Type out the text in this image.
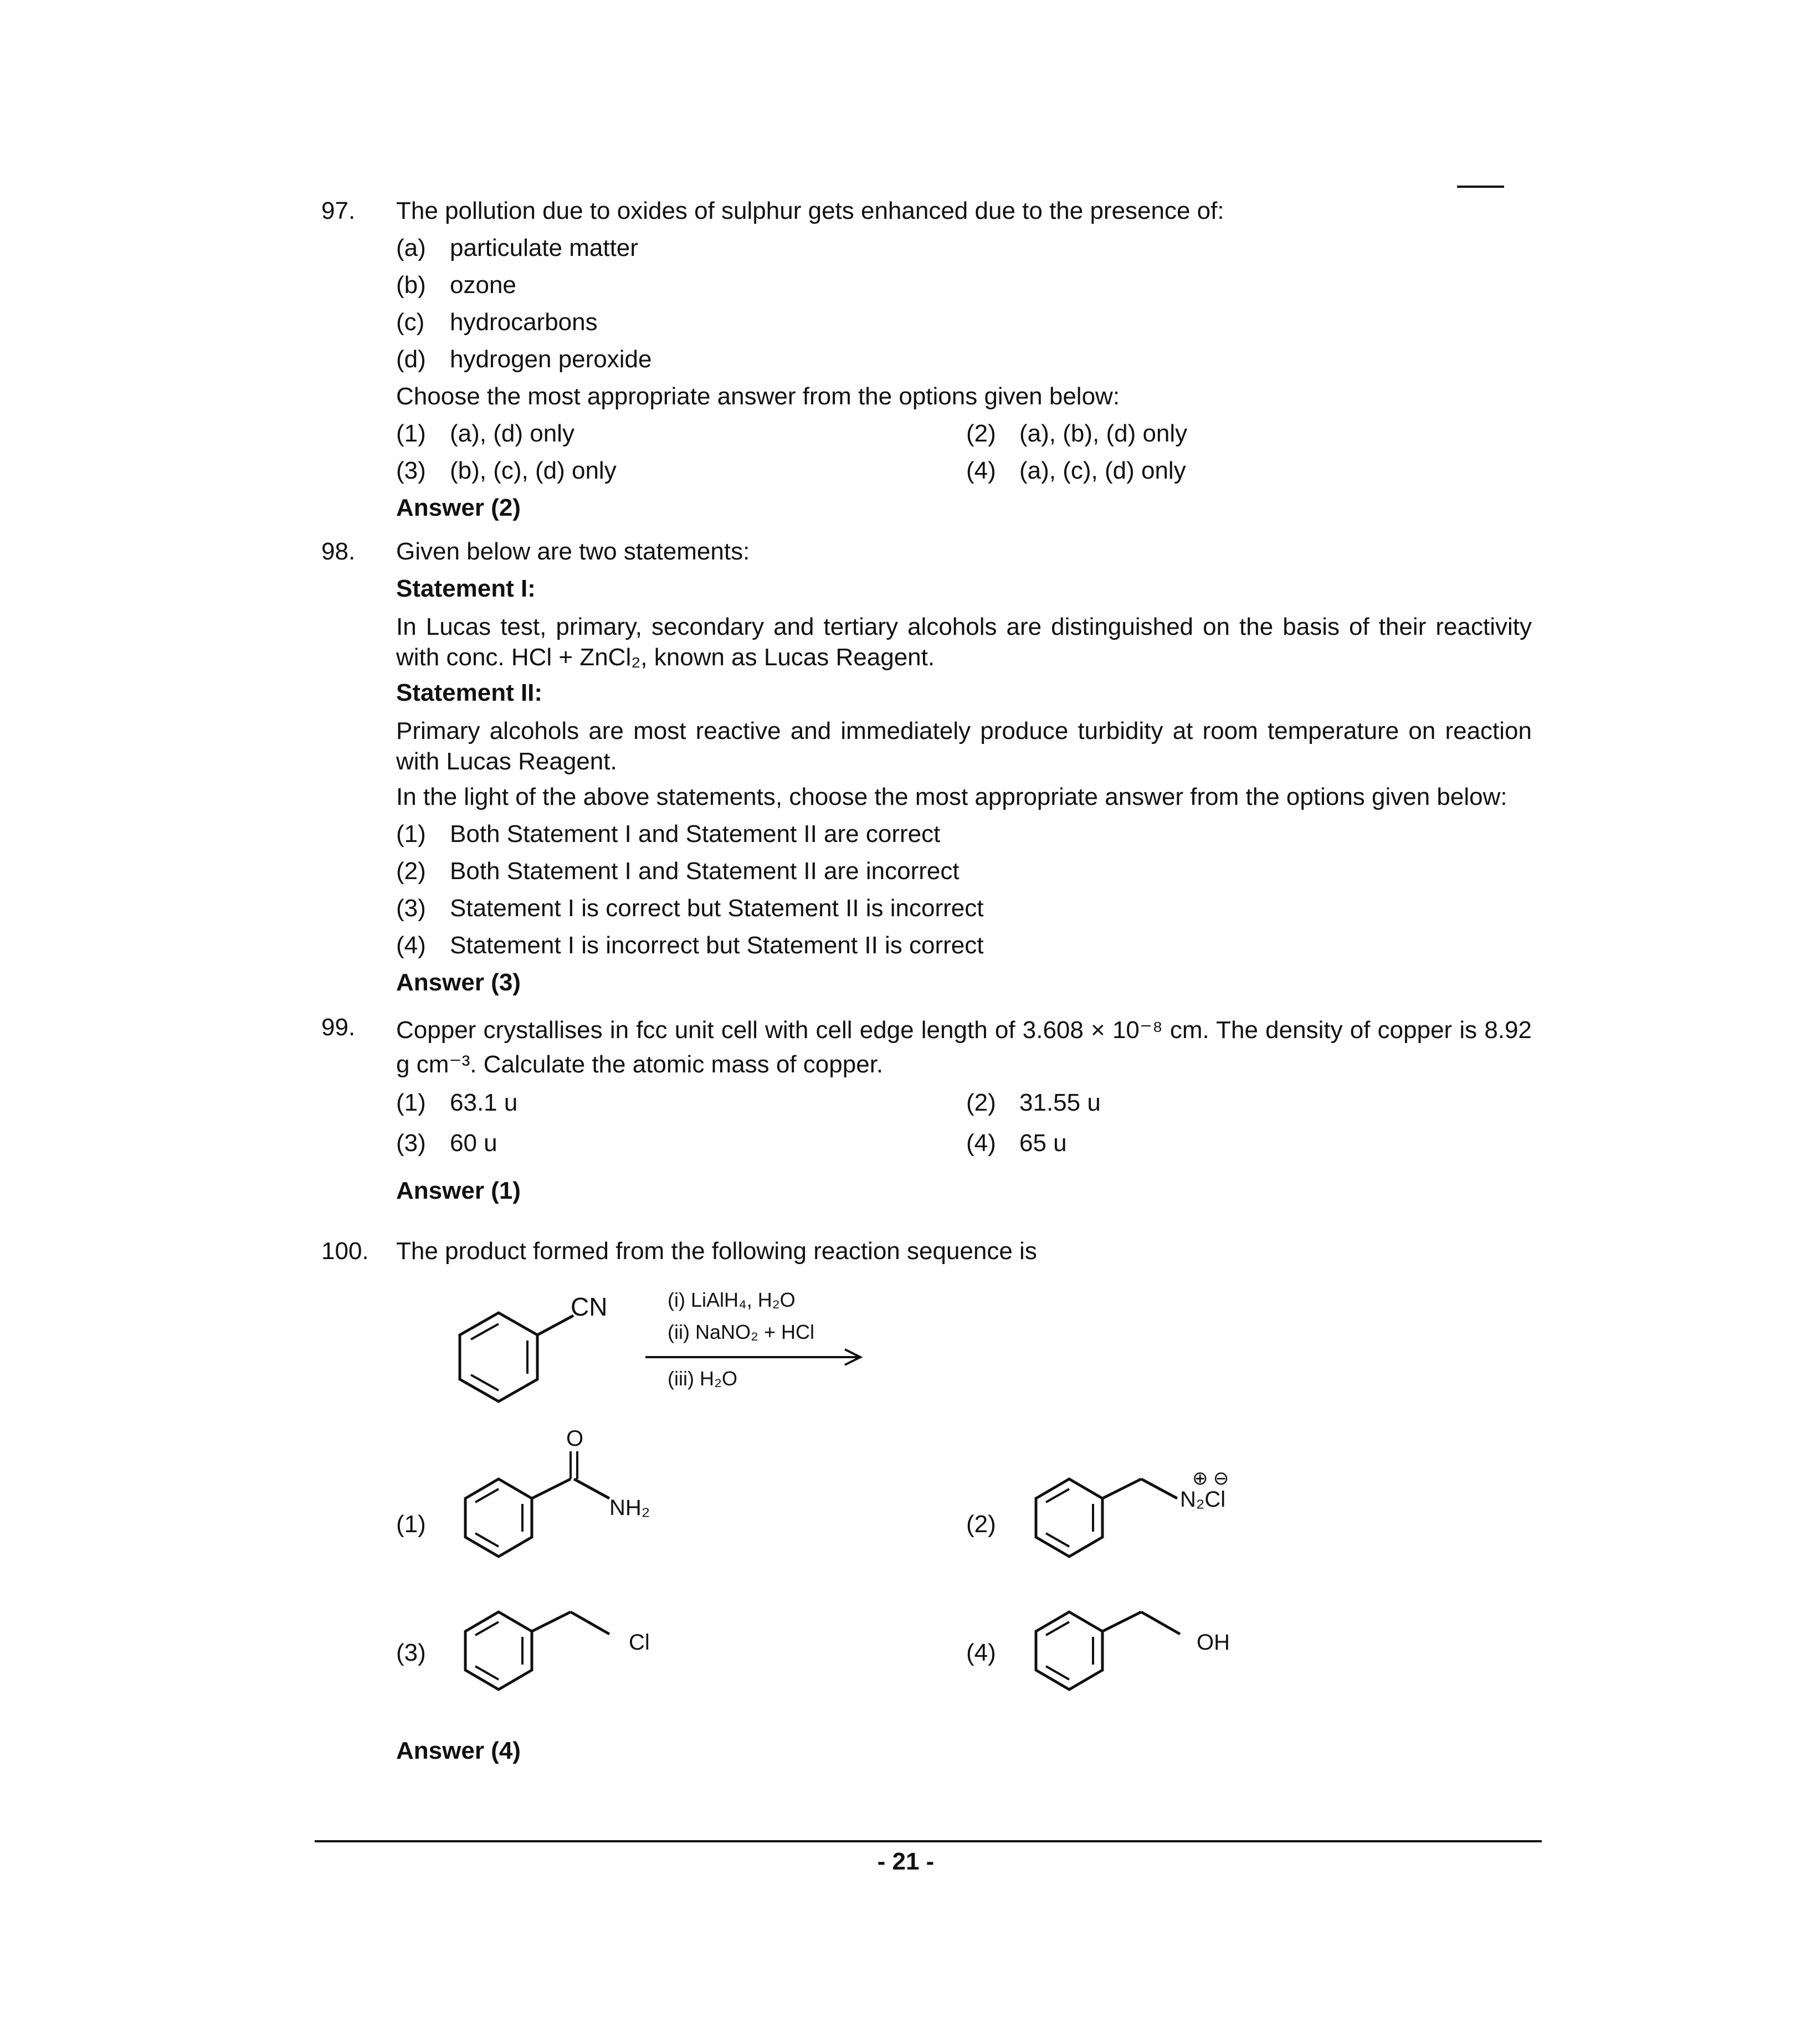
97. The pollution due to oxides of sulphur gets enhanced due to the presence of:
(a) particulate matter
(b) ozone
(c) hydrocarbons
(d) hydrogen peroxide
Choose the most appropriate answer from the options given below:
(1) (a), (d) only	(2) (a), (b), (d) only
(3) (b), (c), (d) only	(4) (a), (c), (d) only
Answer (2)
98. Given below are two statements:
Statement I:
In Lucas test, primary, secondary and tertiary alcohols are distinguished on the basis of their reactivity with conc. HCl + ZnCl₂, known as Lucas Reagent.
Statement II:
Primary alcohols are most reactive and immediately produce turbidity at room temperature on reaction with Lucas Reagent.
In the light of the above statements, choose the most appropriate answer from the options given below:
(1) Both Statement I and Statement II are correct
(2) Both Statement I and Statement II are incorrect
(3) Statement I is correct but Statement II is incorrect
(4) Statement I is incorrect but Statement II is correct
Answer (3)
99. Copper crystallises in fcc unit cell with cell edge length of 3.608 × 10⁻⁸ cm. The density of copper is 8.92 g cm⁻³. Calculate the atomic mass of copper.
(1) 63.1 u	(2) 31.55 u
(3) 60 u	(4) 65 u
Answer (1)
100. The product formed from the following reaction sequence is
CN	(i) LiAlH₄, H₂O
(ii) NaNO₂ + HCl
(iii) H₂O
(1)
O
NH₂
(2)
⊕ ⊖
N₂Cl
(3)	Cl	(4)	OH
Answer (4)
- 21 -
